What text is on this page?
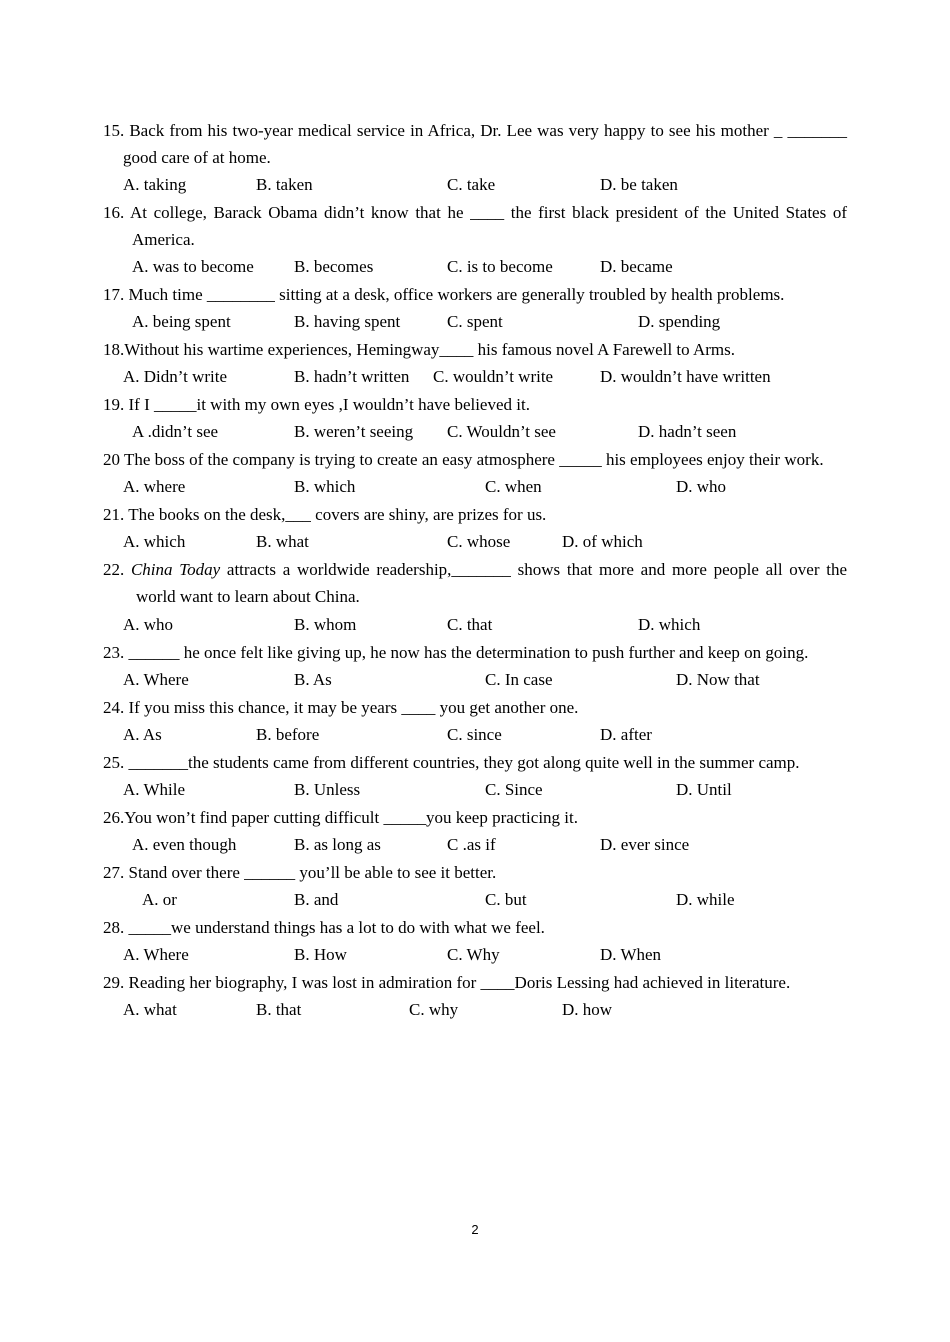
15. Back from his two-year medical service in Africa, Dr. Lee was very happy to see his mother _ _______ good care of at home.
A. taking	B. taken	C. take	D. be taken
16. At college, Barack Obama didn’t know that he ____ the first black president of the United States of America.
A. was to become B. becomes	C. is to become	D. became
17. Much time ________ sitting at a desk, office workers are generally troubled by health problems.
A. being spent	B. having spent	C. spent	D. spending
18.Without his wartime experiences, Hemingway____ his famous novel A Farewell to Arms.
A. Didn’t write	B. hadn’t written C. wouldn’t write	D. wouldn’t have written
19. If I _____it with my own eyes ,I wouldn’t have believed it.
A .didn’t see	B. weren’t seeing C. Wouldn’t see	D. hadn’t seen
20 The boss of the company is trying to create an easy atmosphere _____ his employees enjoy their work.
A. where	B. which	C. when	D. who
21. The books on the desk,___ covers are shiny, are prizes for us.
A. which	B. what	C. whose	D. of which
22. China Today attracts a worldwide readership,_______ shows that more and more people all over the world want to learn about China.
A. who	B. whom	C. that	D. which
23. ______ he once felt like giving up, he now has the determination to push further and keep on going.
A. Where	B. As	C. In case	D. Now that
24. If you miss this chance, it may be years ____ you get another one.
A. As	B. before	C. since	D. after
25. _______the students came from different countries, they got along quite well in the summer camp.
A. While	B. Unless	C. Since	D. Until
26.You won’t find paper cutting difficult _____you keep practicing it.
A. even though	B. as long as	C .as if	D. ever since
27. Stand over there ______ you’ll be able to see it better.
A. or	B. and	C. but	D. while
28. _____we understand things has a lot to do with what we feel.
A. Where	B. How	C. Why	D. When
29. Reading her biography, I was lost in admiration for ____Doris Lessing had achieved in literature.
A. what	B. that	C. why	D. how
2
